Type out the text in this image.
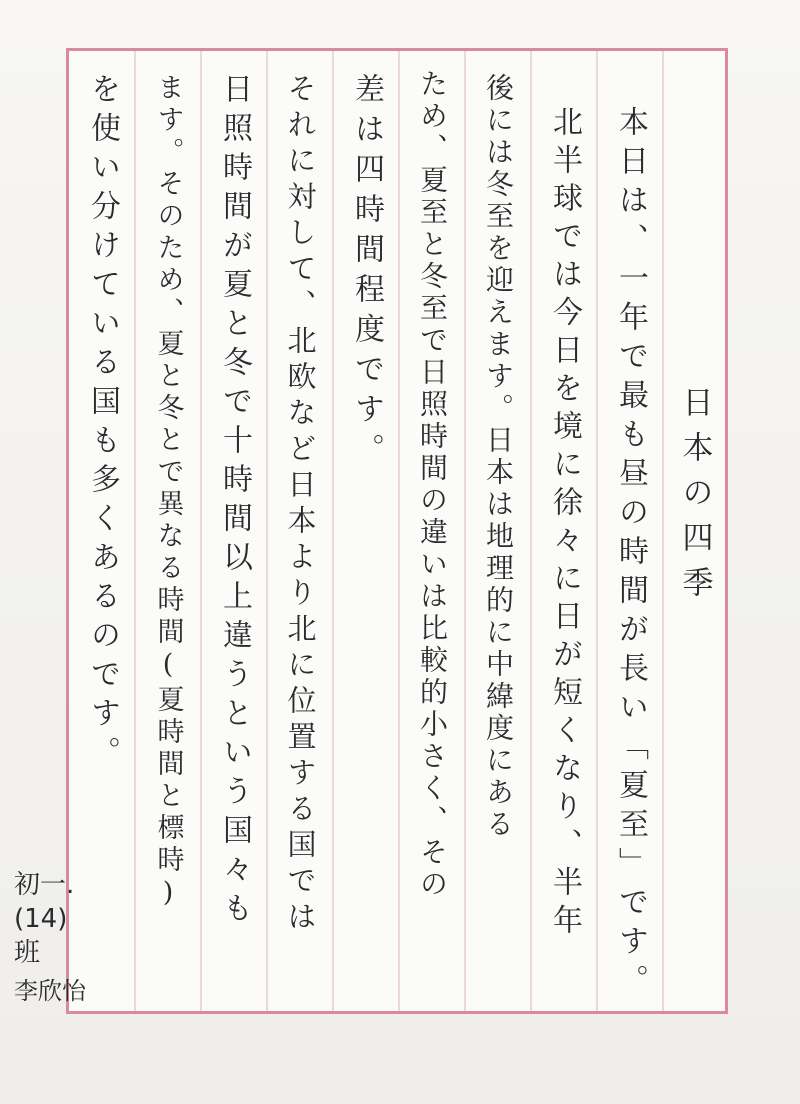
日本の四季
本日は、一年で最も昼の時間が長い「夏至」です。
北半球では今日を境に徐々に日が短くなり、半年
後には冬至を迎えます。日本は地理的に中緯度にある
ため、夏至と冬至で日照時間の違いは比較的小さく、その
差は四時間程度です。
それに対して、北欧など日本より北に位置する国では
日照時間が夏と冬で十時間以上違うという国々も
ます。そのため、夏と冬とで異なる時間(夏時間と標時)
を使い分けている国も多くあるのです。
初一.
(14)
班
李欣怡
